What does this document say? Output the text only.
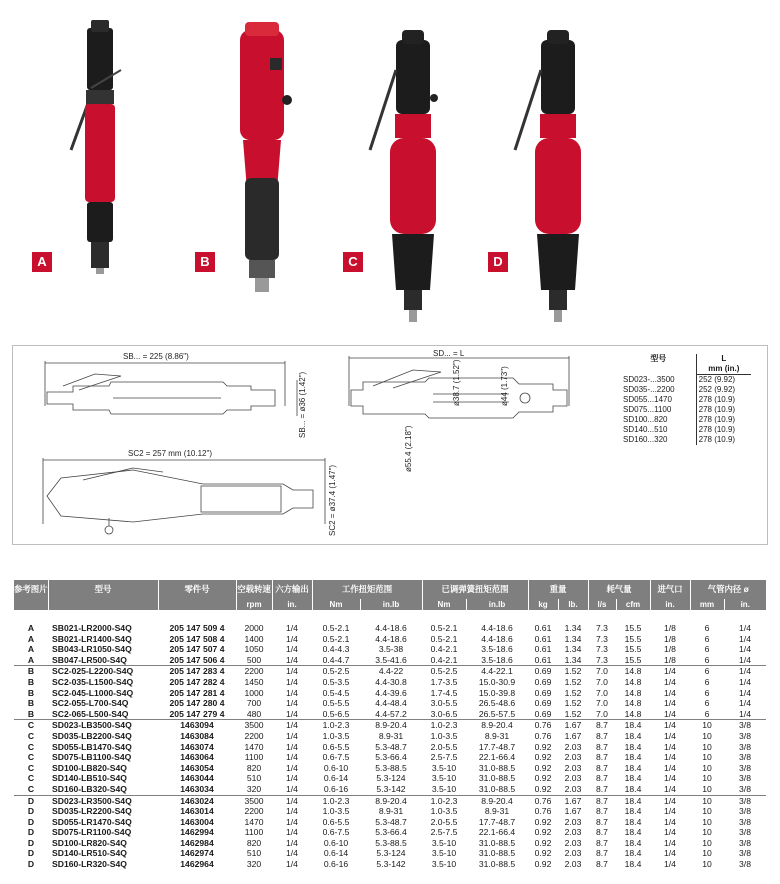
A	B	C	D
SB... = 225 (8.86")
SB... = ø36 (1.42")
SC2 = 257 mm (10.12")
SC2 = ø37.4 (1.47")
SD... = L
ø38.7 (1.52")	ø44 (1.73")
ø55.4 (2.18")
型号	L
	mm (in.)
SD023-...3500	252 (9.92)
SD035-...2200	252 (9.92)
SD055...1470	278 (10.9)
SD075...1100	278 (10.9)
SD100...820	278 (10.9)
SD140...510	278 (10.9)
SD160...320	278 (10.9)
参考图片	型号	零件号	空载转速	六方输出	工作扭矩范围		已调弹簧扭矩范围		重量		耗气量		进气口	气管内径 ø	
			rpm	in.	Nm	in.lb	Nm	in.lb	kg	lb.	l/s	cfm	in.	mm	in.

A	SB021-LR2000-S4Q	205 147 509 4	2000	1/4	0.5-2.1	4.4-18.6	0.5-2.1	4.4-18.6	0.61	1.34	7.3	15.5	1/8	6	1/4
A	SB021-LR1400-S4Q	205 147 508 4	1400	1/4	0.5-2.1	4.4-18.6	0.5-2.1	4.4-18.6	0.61	1.34	7.3	15.5	1/8	6	1/4
A	SB043-LR1050-S4Q	205 147 507 4	1050	1/4	0.4-4.3	3.5-38	0.4-2.1	3.5-18.6	0.61	1.34	7.3	15.5	1/8	6	1/4
A	SB047-LR500-S4Q	205 147 506 4	500	1/4	0.4-4.7	3.5-41.6	0.4-2.1	3.5-18.6	0.61	1.34	7.3	15.5	1/8	6	1/4
B	SC2-025-L2200-S4Q	205 147 283 4	2200	1/4	0.5-2.5	4.4-22	0.5-2.5	4.4-22.1	0.69	1.52	7.0	14.8	1/4	6	1/4
B	SC2-035-L1500-S4Q	205 147 282 4	1450	1/4	0.5-3.5	4.4-30.8	1.7-3.5	15.0-30.9	0.69	1.52	7.0	14.8	1/4	6	1/4
B	SC2-045-L1000-S4Q	205 147 281 4	1000	1/4	0.5-4.5	4.4-39.6	1.7-4.5	15.0-39.8	0.69	1.52	7.0	14.8	1/4	6	1/4
B	SC2-055-L700-S4Q	205 147 280 4	700	1/4	0.5-5.5	4.4-48.4	3.0-5.5	26.5-48.6	0.69	1.52	7.0	14.8	1/4	6	1/4
B	SC2-065-L500-S4Q	205 147 279 4	480	1/4	0.5-6.5	4.4-57.2	3.0-6.5	26.5-57.5	0.69	1.52	7.0	14.8	1/4	6	1/4
C	SD023-LB3500-S4Q	1463094	3500	1/4	1.0-2.3	8.9-20.4	1.0-2.3	8.9-20.4	0.76	1.67	8.7	18.4	1/4	10	3/8
C	SD035-LB2200-S4Q	1463084	2200	1/4	1.0-3.5	8.9-31	1.0-3.5	8.9-31	0.76	1.67	8.7	18.4	1/4	10	3/8
C	SD055-LB1470-S4Q	1463074	1470	1/4	0.6-5.5	5.3-48.7	2.0-5.5	17.7-48.7	0.92	2.03	8.7	18.4	1/4	10	3/8
C	SD075-LB1100-S4Q	1463064	1100	1/4	0.6-7.5	5.3-66.4	2.5-7.5	22.1-66.4	0.92	2.03	8.7	18.4	1/4	10	3/8
C	SD100-LB820-S4Q	1463054	820	1/4	0.6-10	5.3-88.5	3.5-10	31.0-88.5	0.92	2.03	8.7	18.4	1/4	10	3/8
C	SD140-LB510-S4Q	1463044	510	1/4	0.6-14	5.3-124	3.5-10	31.0-88.5	0.92	2.03	8.7	18.4	1/4	10	3/8
C	SD160-LB320-S4Q	1463034	320	1/4	0.6-16	5.3-142	3.5-10	31.0-88.5	0.92	2.03	8.7	18.4	1/4	10	3/8
D	SD023-LR3500-S4Q	1463024	3500	1/4	1.0-2.3	8.9-20.4	1.0-2.3	8.9-20.4	0.76	1.67	8.7	18.4	1/4	10	3/8
D	SD035-LR2200-S4Q	1463014	2200	1/4	1.0-3.5	8.9-31	1.0-3.5	8.9-31	0.76	1.67	8.7	18.4	1/4	10	3/8
D	SD055-LR1470-S4Q	1463004	1470	1/4	0.6-5.5	5.3-48.7	2.0-5.5	17.7-48.7	0.92	2.03	8.7	18.4	1/4	10	3/8
D	SD075-LR1100-S4Q	1462994	1100	1/4	0.6-7.5	5.3-66.4	2.5-7.5	22.1-66.4	0.92	2.03	8.7	18.4	1/4	10	3/8
D	SD100-LR820-S4Q	1462984	820	1/4	0.6-10	5.3-88.5	3.5-10	31.0-88.5	0.92	2.03	8.7	18.4	1/4	10	3/8
D	SD140-LR510-S4Q	1462974	510	1/4	0.6-14	5.3-124	3.5-10	31.0-88.5	0.92	2.03	8.7	18.4	1/4	10	3/8
D	SD160-LR320-S4Q	1462964	320	1/4	0.6-16	5.3-142	3.5-10	31.0-88.5	0.92	2.03	8.7	18.4	1/4	10	3/8
